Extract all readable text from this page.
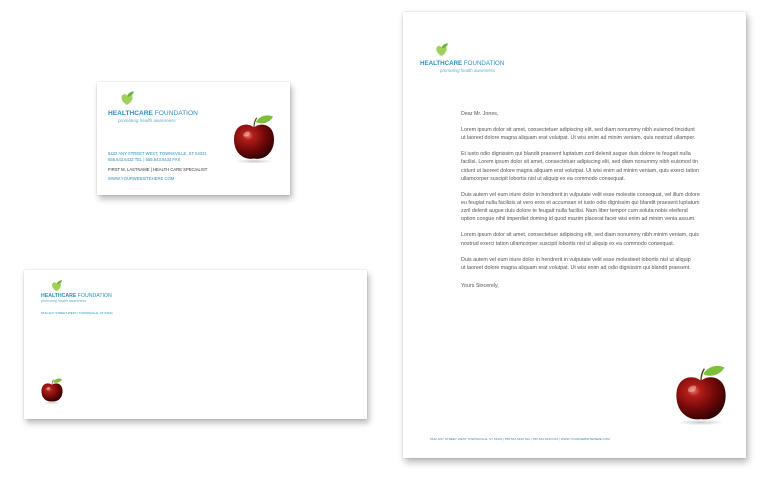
HEALTHCARE FOUNDATION
promoting health awareness
5432 ANY STREET WEST, TOWNSVILLE, ST 54321
555.543.5432 TEL | 555.543.5433 FAX
FIRST M. LASTNAME | HEALTH CARE SPECIALIST
WWW.YOURWEBSITEHERE.COM
HEALTHCARE FOUNDATION
promoting health awareness
5432 ANY STREET WEST | TOWNSVILLE, ST 54321
HEALTHCARE FOUNDATION
promoting health awareness

Dear Mr. Jones,

Lorem ipsum dolor sit amet, consectetuer adipiscing elit, sed diam nonummy nibh euismod tincidunt
ut laoreet dolore magna aliquam erat volutpat. Ut wisi enim ad minim veniam, quis nostrud ullamper.

Et iusto odio dignissim qui blandit praesent luptatum zzril delenit augue duis dolore te feugait nulla
facilisi. Lorem ipsum dolor sit amet, consectetuer adipiscing elit, sed diam nonummy nibh euismod tin
cidunt ut laoreet dolore magna aliquam erat volutpat. Ut wisi enim ad minim veniam, quis exerci tation
ullamcorper suscipit lobortis nisl ut aliquip ex ea commodo consequat.

Duis autem vel eum iriure dolor in hendrerit in vulputate velit esse molestie consequat, vel illum dolore
eu feugiat nulla facilisis at vero eros et accumsan et iusto odio dignissim qui blandit praesent luptatum
zzril delenit augue duis dolore te feugait nulla facilisi. Nam liber tempor cum soluta nobis eleifend
option congue nihil imperdiet doming id quod mazim placerat facer wisi enim ad minim venia assum.

Lorem ipsum dolor sit amet, consectetuer adipiscing elit, sed diam nonummy nibh minim veniam, quis
nostrud exerci tation ullamcorper suscipit lobortis nisl ut aliquip ex ea commodo consequat.

Duis autem vel eum iriure dolor in hendrerit in vulputate velit esse molestieet lobortis nisl ut aliquip
ut laoreet dolore magna aliquam erat volutpat. Ut wisi enim ad odio dignissim qui blandit praesent.

Yours Sincerely,

5432 ANY STREET WEST TOWNSVILLE, ST 54321 | 555.543.5432 TEL | 555.543.5433 FAX | WWW.YOURWEBSITEHERE.COM
